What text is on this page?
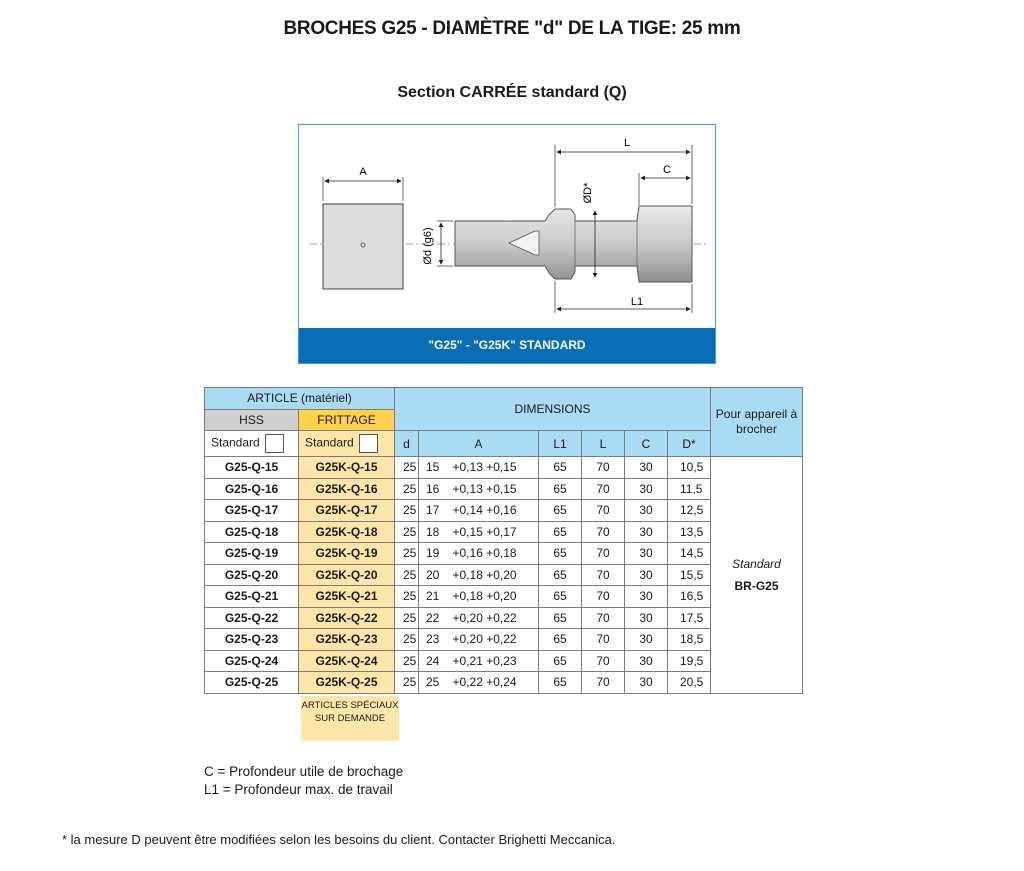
BROCHES G25 - DIAMÈTRE "d" DE LA TIGE: 25 mm
Section CARRÉE standard (Q)
A
L
C
L1
ØD*
Ød (g6)
"G25" - "G25K" STANDARD
ARTICLE (matériel)		DIMENSIONS							Pour appareil à brocher
HSS	FRITTAGE								
Standard	Standard	d	A		L1	L	C	D*	
G25-Q-15	G25K-Q-15	25	15	+0,13 +0,15	65	70	30	10,5	Standard
BR-G25

G25-Q-16	G25K-Q-16	25	16	+0,13 +0,15	65	70	30	11,5	
G25-Q-17	G25K-Q-17	25	17	+0,14 +0,16	65	70	30	12,5	
G25-Q-18	G25K-Q-18	25	18	+0,15 +0,17	65	70	30	13,5	
G25-Q-19	G25K-Q-19	25	19	+0,16 +0,18	65	70	30	14,5	
G25-Q-20	G25K-Q-20	25	20	+0,18 +0,20	65	70	30	15,5	
G25-Q-21	G25K-Q-21	25	21	+0,18 +0,20	65	70	30	16,5	
G25-Q-22	G25K-Q-22	25	22	+0,20 +0,22	65	70	30	17,5	
G25-Q-23	G25K-Q-23	25	23	+0,20 +0,22	65	70	30	18,5	
G25-Q-24	G25K-Q-24	25	24	+0,21 +0,23	65	70	30	19,5	
G25-Q-25	G25K-Q-25	25	25	+0,22 +0,24	65	70	30	20,5	
ARTICLES SPÉCIAUX SUR DEMANDE
C = Profondeur utile de brochage
L1 = Profondeur max. de travail
* la mesure D peuvent être modifiées selon les besoins du client. Contacter Brighetti Meccanica.
